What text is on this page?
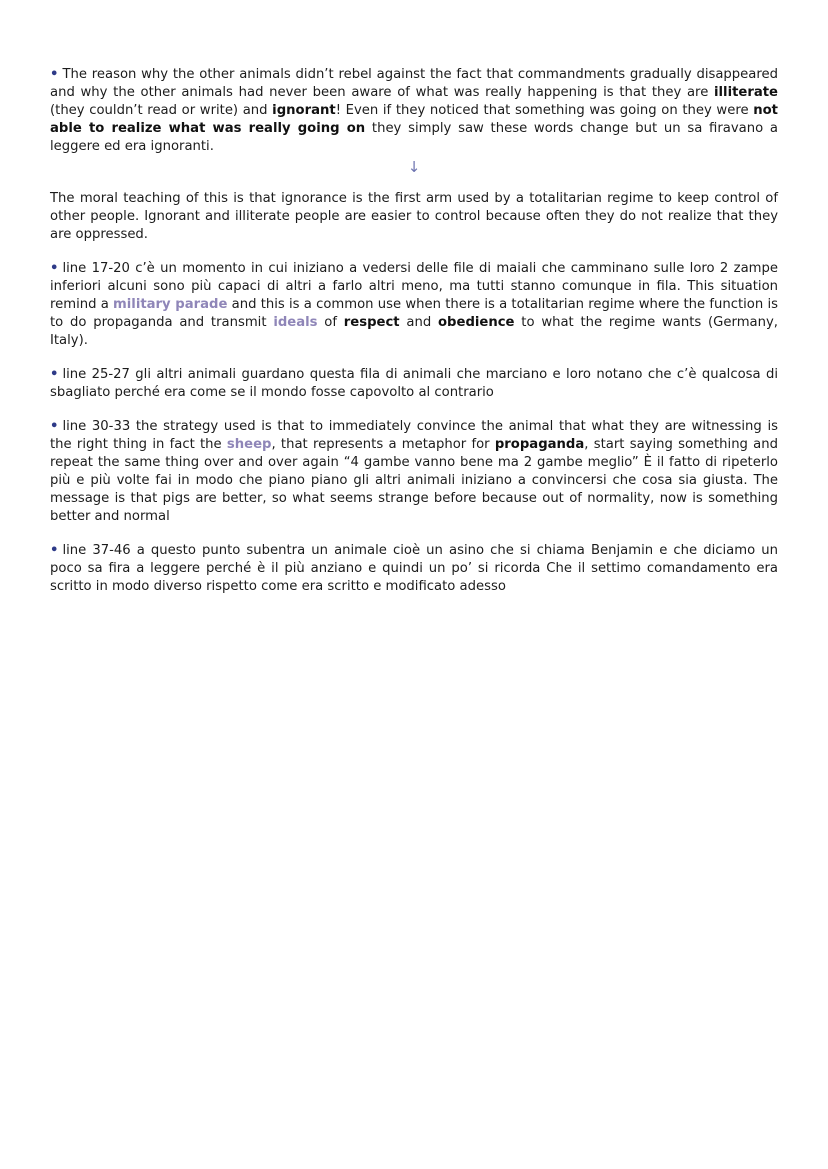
• The reason why the other animals didn’t rebel against the fact that commandments gradually disappeared and why the other animals had never been aware of what was really happening is that they are illiterate (they couldn’t read or write) and ignorant! Even if they noticed that something was going on they were not able to realize what was really going on they simply saw these words change but un sa firavano a leggere ed era ignoranti.

↓

The moral teaching of this is that ignorance is the first arm used by a totalitarian regime to keep control of other people. Ignorant and illiterate people are easier to control because often they do not realize that they are oppressed.

• line 17-20 c’è un momento in cui iniziano a vedersi delle file di maiali che camminano sulle loro 2 zampe inferiori alcuni sono più capaci di altri a farlo altri meno, ma tutti stanno comunque in fila. This situation remind a military parade and this is a common use when there is a totalitarian regime where the function is to do propaganda and transmit ideals of respect and obedience to what the regime wants (Germany, Italy).

• line 25-27 gli altri animali guardano questa fila di animali che marciano e loro notano che c’è qualcosa di sbagliato perché era come se il mondo fosse capovolto al contrario

• line 30-33 the strategy used is that to immediately convince the animal that what they are witnessing is the right thing in fact the sheep, that represents a metaphor for propaganda, start saying something and repeat the same thing over and over again “4 gambe vanno bene ma 2 gambe meglio” È il fatto di ripeterlo più e più volte fai in modo che piano piano gli altri animali iniziano a convincersi che cosa sia giusta. The message is that pigs are better, so what seems strange before because out of normality, now is something better and normal

• line 37-46 a questo punto subentra un animale cioè un asino che si chiama Benjamin e che diciamo un poco sa fira a leggere perché è il più anziano e quindi un po’ si ricorda Che il settimo comandamento era scritto in modo diverso rispetto come era scritto e modificato adesso
